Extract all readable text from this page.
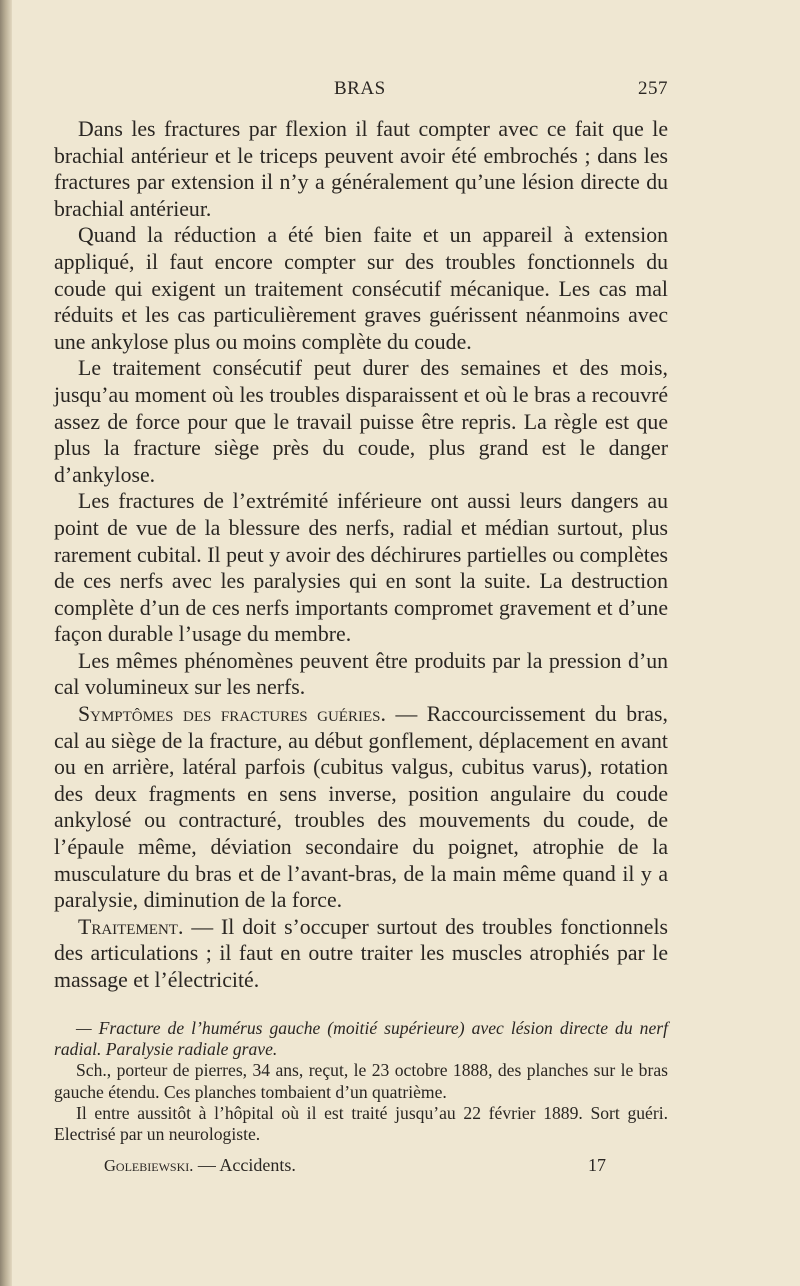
BRAS	257

Dans les fractures par flexion il faut compter avec ce fait que le brachial antérieur et le triceps peuvent avoir été embrochés ; dans les fractures par extension il n’y a généralement qu’une lésion directe du brachial antérieur.

Quand la réduction a été bien faite et un appareil à extension appliqué, il faut encore compter sur des troubles fonctionnels du coude qui exigent un traitement consécutif mécanique. Les cas mal réduits et les cas particulièrement graves guérissent néanmoins avec une ankylose plus ou moins complète du coude.

Le traitement consécutif peut durer des semaines et des mois, jusqu’au moment où les troubles disparaissent et où le bras a recouvré assez de force pour que le travail puisse être repris. La règle est que plus la fracture siège près du coude, plus grand est le danger d’ankylose.

Les fractures de l’extrémité inférieure ont aussi leurs dangers au point de vue de la blessure des nerfs, radial et médian surtout, plus rarement cubital. Il peut y avoir des déchirures partielles ou complètes de ces nerfs avec les paralysies qui en sont la suite. La destruction complète d’un de ces nerfs importants compromet gravement et d’une façon durable l’usage du membre.

Les mêmes phénomènes peuvent être produits par la pression d’un cal volumineux sur les nerfs.

Symptômes des fractures guéries. — Raccourcissement du bras, cal au siège de la fracture, au début gonflement, déplacement en avant ou en arrière, latéral parfois (cubitus valgus, cubitus varus), rotation des deux fragments en sens inverse, position angulaire du coude ankylosé ou contracturé, troubles des mouvements du coude, de l’épaule même, déviation secondaire du poignet, atrophie de la musculature du bras et de l’avant-bras, de la main même quand il y a paralysie, diminution de la force.

Traitement. — Il doit s’occuper surtout des troubles fonctionnels des articulations ; il faut en outre traiter les muscles atrophiés par le massage et l’électricité.

— Fracture de l’humérus gauche (moitié supérieure) avec lésion directe du nerf radial. Paralysie radiale grave.

Sch., porteur de pierres, 34 ans, reçut, le 23 octobre 1888, des planches sur le bras gauche étendu. Ces planches tombaient d’un quatrième.

Il entre aussitôt à l’hôpital où il est traité jusqu’au 22 février 1889. Sort guéri. Electrisé par un neurologiste.

Golebiewski. — Accidents.	17
